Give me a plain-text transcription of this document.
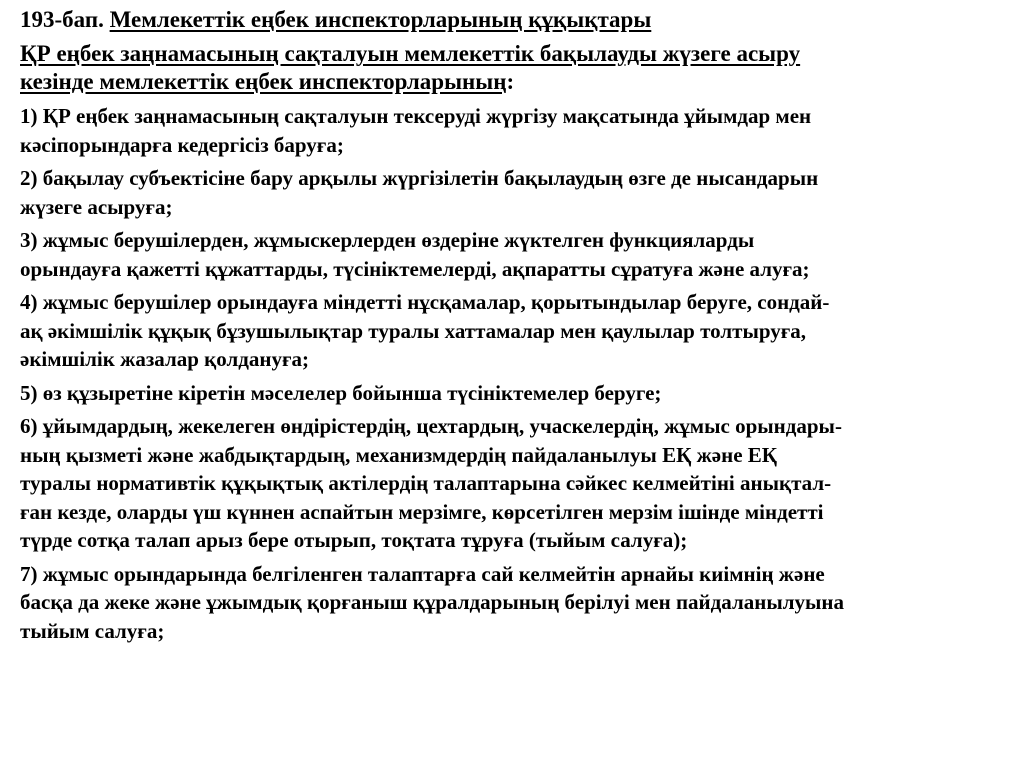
193-бап. Мемлекеттік еңбек инспекторларының құқықтары
ҚР еңбек заңнамасының сақталуын мемлекеттік бақылауды жүзеге асыру
кезінде мемлекеттік еңбек инспекторларының:
1) ҚР еңбек заңнамасының сақталуын тексеруді жүргізу мақсатында ұйымдар мен
кәсіпорындарға кедергісіз баруға;
2) бақылау субъектісіне бару арқылы жүргізілетін бақылаудың өзге де нысандарын
жүзеге асыруға;
3) жұмыс берушілерден, жұмыскерлерден өздеріне жүктелген функцияларды
орындауға қажетті құжаттарды, түсініктемелерді, ақпаратты сұратуға және алуға;
4) жұмыс берушілер орындауға міндетті нұсқамалар, қорытындылар беруге, сондай-
ақ әкімшілік құқық бұзушылықтар туралы хаттамалар мен қаулылар толтыруға,
әкімшілік жазалар қолдануға;
5) өз құзыретіне кіретін мәселелер бойынша түсініктемелер беруге;
6) ұйымдардың, жекелеген өндірістердің, цехтардың, учаскелердің, жұмыс орындары-
ның қызметі және жабдықтардың, механизмдердің пайдаланылуы ЕҚ және ЕҚ
туралы нормативтік құқықтық актілердің талаптарына сәйкес келмейтіні анықтал-
ған кезде, оларды үш күннен аспайтын мерзімге, көрсетілген мерзім ішінде міндетті
түрде сотқа талап арыз бере отырып, тоқтата тұруға (тыйым салуға);
7) жұмыс орындарында белгіленген талаптарға сай келмейтін арнайы киімнің және
басқа да жеке және ұжымдық қорғаныш құралдарының берілуі мен пайдаланылуына
тыйым салуға;
